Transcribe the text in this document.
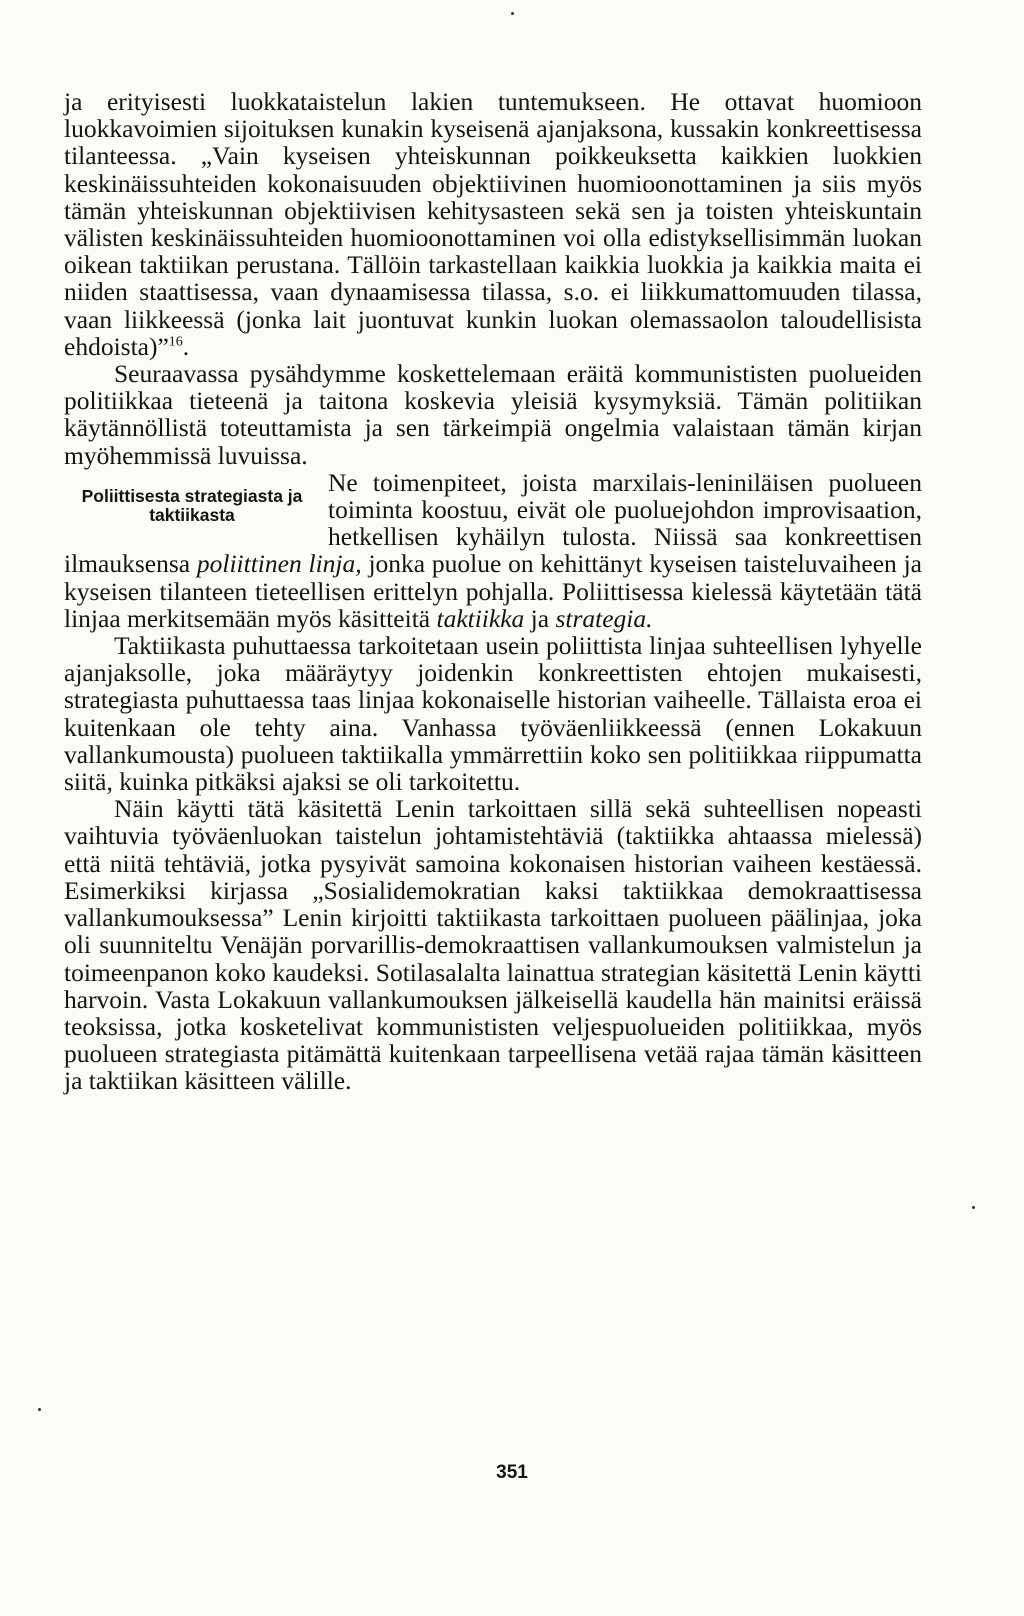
ja erityisesti luokkataistelun lakien tuntemukseen. He ottavat huomioon luokkavoimien sijoituksen kunakin kyseisenä ajanjaksona, kussakin konkreettisessa tilanteessa. „Vain kyseisen yhteiskunnan poikkeuksetta kaikkien luokkien keskinäissuhteiden kokonaisuuden objektiivinen huomioonottaminen ja siis myös tämän yhteiskunnan objektiivisen kehitysasteen sekä sen ja toisten yhteiskuntain välisten keskinäissuhteiden huomioonottaminen voi olla edistyksellisimmän luokan oikean taktiikan perustana. Tällöin tarkastellaan kaikkia luokkia ja kaikkia maita ei niiden staattisessa, vaan dynaamisessa tilassa, s.o. ei liikkumattomuuden tilassa, vaan liikkeessä (jonka lait juontuvat kunkin luokan olemassaolon taloudellisista ehdoista)”$^{16}$.

Seuraavassa pysähdymme koskettelemaan eräitä kommunististen puolueiden politiikkaa tieteenä ja taitona koskevia yleisiä kysymyksiä. Tämän politiikan käytännöllistä toteuttamista ja sen tärkeimpiä ongelmia valaistaan tämän kirjan myöhemmissä luvuissa.

Poliittisesta strategiasta ja taktiikasta
Ne toimenpiteet, joista marxilais-leniniläisen puolueen toiminta koostuu, eivät ole puoluejohdon improvisaation, hetkellisen kyhäilyn tulosta. Niissä saa konkreettisen ilmauksensa poliittinen linja, jonka puolue on kehittänyt kyseisen taisteluvaiheen ja kyseisen tilanteen tieteellisen erittelyn pohjalla. Poliittisessa kielessä käytetään tätä linjaa merkitsemään myös käsitteitä taktiikka ja strategia.

Taktiikasta puhuttaessa tarkoitetaan usein poliittista linjaa suhteellisen lyhyelle ajanjaksolle, joka määräytyy joidenkin konkreettisten ehtojen mukaisesti, strategiasta puhuttaessa taas linjaa kokonaiselle historian vaiheelle. Tällaista eroa ei kuitenkaan ole tehty aina. Vanhassa työväenliikkeessä (ennen Lokakuun vallankumousta) puolueen taktiikalla ymmärrettiin koko sen politiikkaa riippumatta siitä, kuinka pitkäksi ajaksi se oli tarkoitettu.

Näin käytti tätä käsitettä Lenin tarkoittaen sillä sekä suhteellisen nopeasti vaihtuvia työväenluokan taistelun johtamistehtäviä (taktiikka ahtaassa mielessä) että niitä tehtäviä, jotka pysyivät samoina kokonaisen historian vaiheen kestäessä. Esimerkiksi kirjassa „Sosialidemokratian kaksi taktiikkaa demokraattisessa vallankumouksessa” Lenin kirjoitti taktiikasta tarkoittaen puolueen päälinjaa, joka oli suunniteltu Venäjän porvarillis-demokraattisen vallankumouksen valmistelun ja toimeenpanon koko kaudeksi. Sotilasalalta lainattua strategian käsitettä Lenin käytti harvoin. Vasta Lokakuun vallankumouksen jälkeisellä kaudella hän mainitsi eräissä teoksissa, jotka kosketelivat kommunististen veljespuolueiden politiikkaa, myös puolueen strategiasta pitämättä kuitenkaan tarpeellisena vetää rajaa tämän käsitteen ja taktiikan käsitteen välille.

351
